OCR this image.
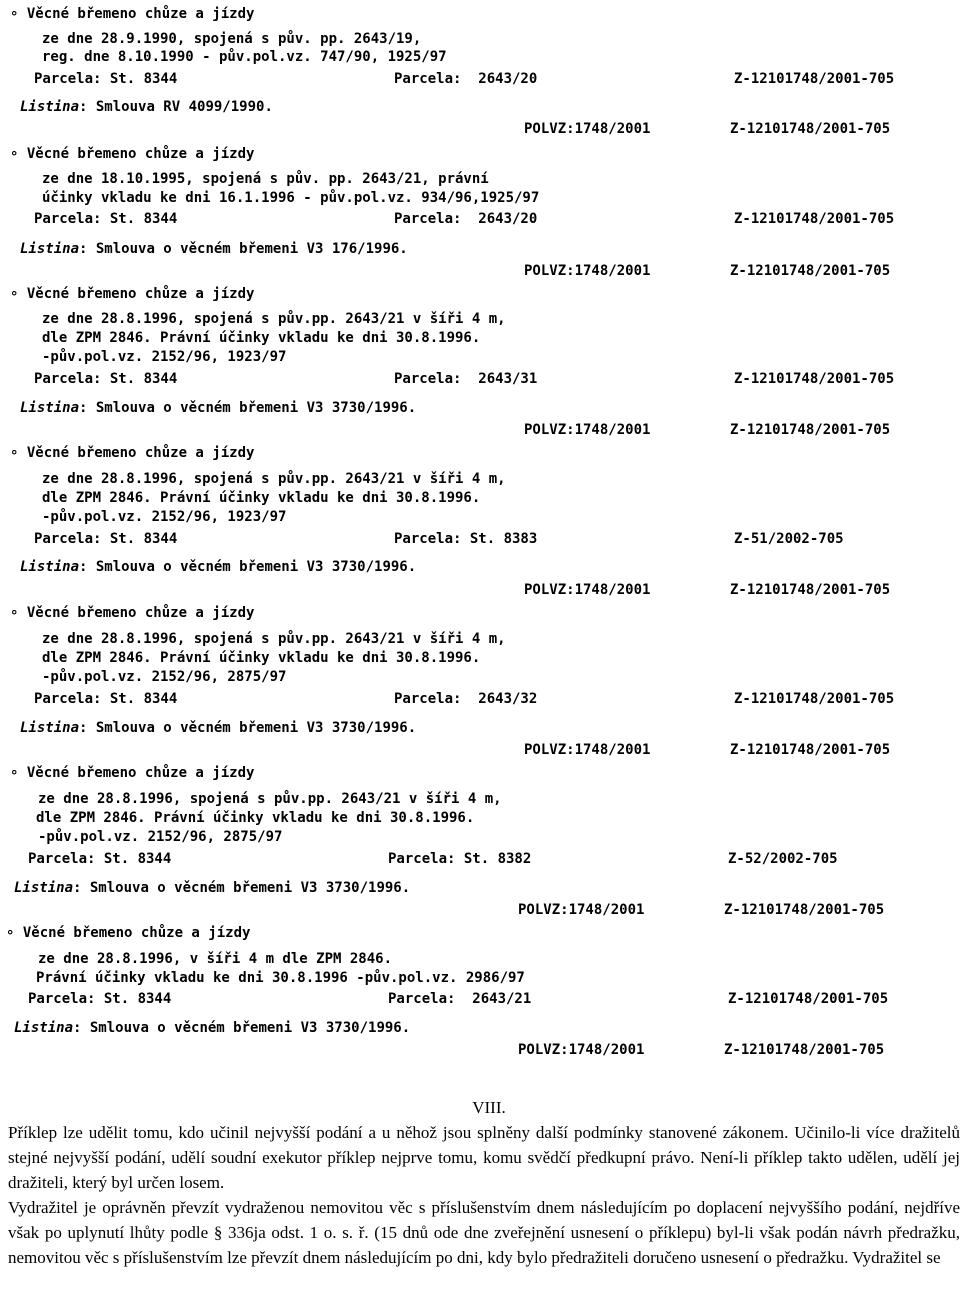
∘ Věcné břemeno chůze a jízdy
ze dne 28.9.1990, spojená s pův. pp. 2643/19,
reg. dne 8.10.1990 - pův.pol.vz. 747/90, 1925/97
Parcela: St. 8344	Parcela:  2643/20	Z-12101748/2001-705
Listina: Smlouva RV 4099/1990.
POLVZ:1748/2001	Z-12101748/2001-705
∘ Věcné břemeno chůze a jízdy
ze dne 18.10.1995, spojená s pův. pp. 2643/21, právní
účinky vkladu ke dni 16.1.1996 - pův.pol.vz. 934/96,1925/97
Parcela: St. 8344	Parcela:  2643/20	Z-12101748/2001-705
Listina: Smlouva o věcném břemeni V3 176/1996.
POLVZ:1748/2001	Z-12101748/2001-705
∘ Věcné břemeno chůze a jízdy
ze dne 28.8.1996, spojená s pův.pp. 2643/21 v šíři 4 m,
dle ZPM 2846. Právní účinky vkladu ke dni 30.8.1996.
-pův.pol.vz. 2152/96, 1923/97
Parcela: St. 8344	Parcela:  2643/31	Z-12101748/2001-705
Listina: Smlouva o věcném břemeni V3 3730/1996.
POLVZ:1748/2001	Z-12101748/2001-705
∘ Věcné břemeno chůze a jízdy
ze dne 28.8.1996, spojená s pův.pp. 2643/21 v šíři 4 m,
dle ZPM 2846. Právní účinky vkladu ke dni 30.8.1996.
-pův.pol.vz. 2152/96, 1923/97
Parcela: St. 8344	Parcela: St. 8383	Z-51/2002-705
Listina: Smlouva o věcném břemeni V3 3730/1996.
POLVZ:1748/2001	Z-12101748/2001-705
∘ Věcné břemeno chůze a jízdy
ze dne 28.8.1996, spojená s pův.pp. 2643/21 v šíři 4 m,
dle ZPM 2846. Právní účinky vkladu ke dni 30.8.1996.
-pův.pol.vz. 2152/96, 2875/97
Parcela: St. 8344	Parcela:  2643/32	Z-12101748/2001-705
Listina: Smlouva o věcném břemeni V3 3730/1996.
POLVZ:1748/2001	Z-12101748/2001-705
∘ Věcné břemeno chůze a jízdy
ze dne 28.8.1996, spojená s pův.pp. 2643/21 v šíři 4 m,
dle ZPM 2846. Právní účinky vkladu ke dni 30.8.1996.
-pův.pol.vz. 2152/96, 2875/97
Parcela: St. 8344	Parcela: St. 8382	Z-52/2002-705
Listina: Smlouva o věcném břemeni V3 3730/1996.
POLVZ:1748/2001	Z-12101748/2001-705
∘ Věcné břemeno chůze a jízdy
ze dne 28.8.1996, v šíři 4 m dle ZPM 2846.
Právní účinky vkladu ke dni 30.8.1996 -pův.pol.vz. 2986/97
Parcela: St. 8344	Parcela:  2643/21	Z-12101748/2001-705
Listina: Smlouva o věcném břemeni V3 3730/1996.
POLVZ:1748/2001	Z-12101748/2001-705
VIII.

Příklep lze udělit tomu, kdo učinil nejvyšší podání a u něhož jsou splněny další podmínky stanovené zákonem. Učinilo-li více dražitelů stejné nejvyšší podání, udělí soudní exekutor příklep nejprve tomu, komu svědčí předkupní právo. Není-li příklep takto udělen, udělí jej dražiteli, který byl určen losem.

Vydražitel je oprávněn převzít vydraženou nemovitou věc s příslušenstvím dnem následujícím po doplacení nejvyššího podání, nejdříve však po uplynutí lhůty podle § 336ja odst. 1 o. s. ř. (15 dnů ode dne zveřejnění usnesení o příklepu) byl-li však podán návrh předražku, nemovitou věc s příslušenstvím lze převzít dnem následujícím po dni, kdy bylo předražiteli doručeno usnesení o předražku. Vydražitel se
